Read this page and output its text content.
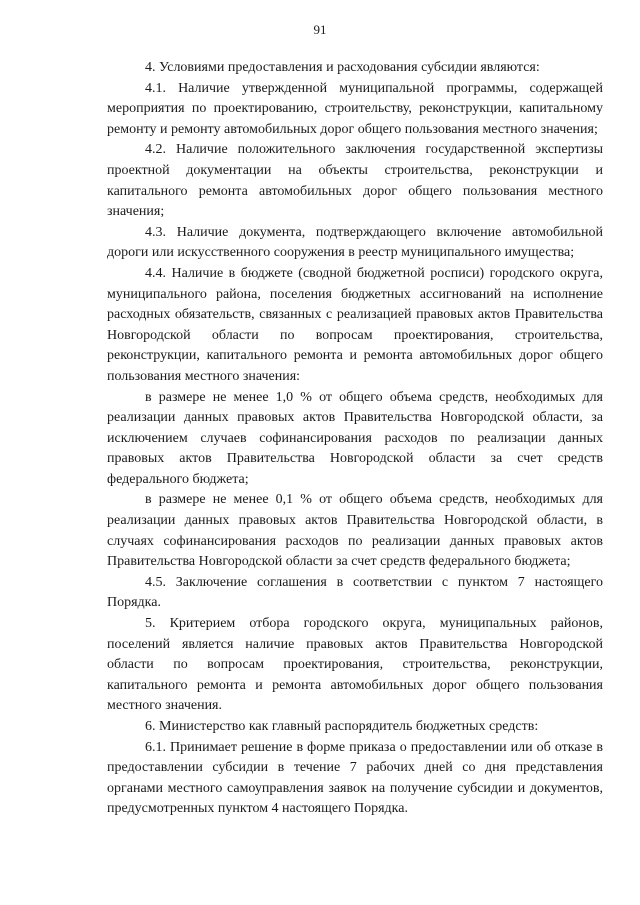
91

4. Условиями предоставления и расходования субсидии являются:

4.1. Наличие утвержденной муниципальной программы, содержащей мероприятия по проектированию, строительству, реконструкции, капитальному ремонту и ремонту автомобильных дорог общего пользования местного значения;

4.2. Наличие положительного заключения государственной экспертизы проектной документации на объекты строительства, реконструкции и капитального ремонта автомобильных дорог общего пользования местного значения;

4.3. Наличие документа, подтверждающего включение автомобильной дороги или искусственного сооружения в реестр муниципального имущества;

4.4. Наличие в бюджете (сводной бюджетной росписи) городского округа, муниципального района, поселения бюджетных ассигнований на исполнение расходных обязательств, связанных с реализацией правовых актов Правительства Новгородской области по вопросам проектирования, строительства, реконструкции, капитального ремонта и ремонта автомобильных дорог общего пользования местного значения:

в размере не менее 1,0 % от общего объема средств, необходимых для реализации данных правовых актов Правительства Новгородской области, за исключением случаев софинансирования расходов по реализации данных правовых актов Правительства Новгородской области за счет средств федерального бюджета;

в размере не менее 0,1 % от общего объема средств, необходимых для реализации данных правовых актов Правительства Новгородской области, в случаях софинансирования расходов по реализации данных правовых актов Правительства Новгородской области за счет средств федерального бюджета;

4.5. Заключение соглашения в соответствии с пунктом 7 настоящего Порядка.

5. Критерием отбора городского округа, муниципальных районов, поселений является наличие правовых актов Правительства Новгородской области по вопросам проектирования, строительства, реконструкции, капитального ремонта и ремонта автомобильных дорог общего пользования местного значения.

6. Министерство как главный распорядитель бюджетных средств:

6.1. Принимает решение в форме приказа о предоставлении или об отказе в предоставлении субсидии в течение 7 рабочих дней со дня представления органами местного самоуправления заявок на получение субсидии и документов, предусмотренных пунктом 4 настоящего Порядка.
